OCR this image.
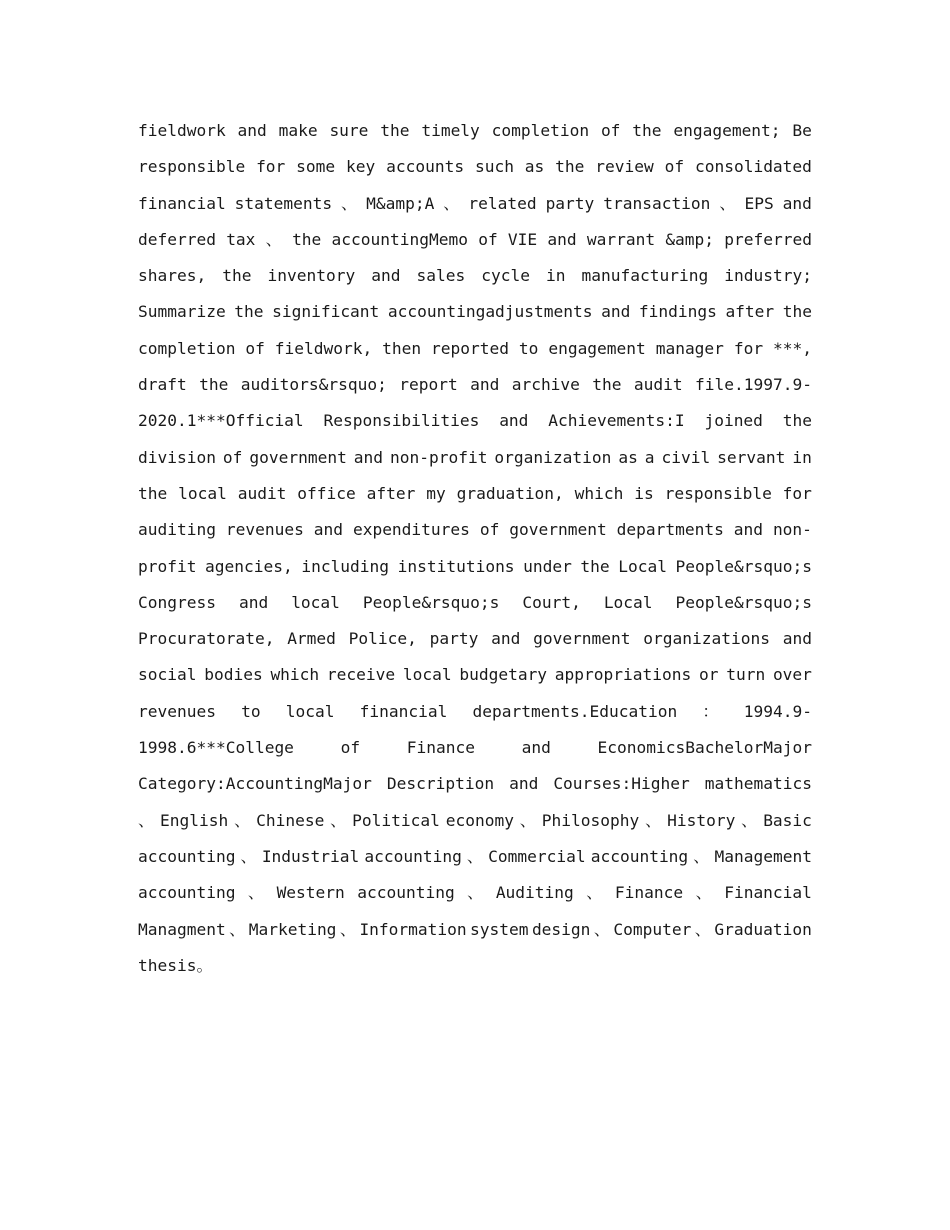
fieldwork and make sure the timely completion of the engagement; Be
responsible for some key accounts such as the review of consolidated
financial statements 、 M&amp;A 、 related party transaction 、 EPS and
deferred tax 、 the accountingMemo of VIE and warrant &amp; preferred
shares, the inventory and sales cycle in manufacturing industry;
Summarize the significant accountingadjustments and findings after the
completion of fieldwork, then reported to engagement manager for ***,
draft the auditors&rsquo; report and archive the audit file.1997.9-
2020.1***Official Responsibilities and Achievements:I joined the
division of government and non-profit organization as a civil servant in
the local audit office after my graduation, which is responsible for
auditing revenues and expenditures of government departments and non-
profit agencies, including institutions under the Local People&rsquo;s
Congress and local People&rsquo;s Court, Local People&rsquo;s
Procuratorate, Armed Police, party and government organizations and
social bodies which receive local budgetary appropriations or turn over
revenues to local financial departments.Education ： 1994.9-
1998.6***College	of	Finance	and	EconomicsBachelorMajor
Category:AccountingMajor Description and Courses:Higher mathematics
、 English 、 Chinese 、 Political economy 、 Philosophy 、 History 、 Basic
accounting 、 Industrial accounting 、 Commercial accounting 、 Management
accounting 、 Western accounting 、 Auditing 、 Finance 、 Financial
Managment 、 Marketing 、 Information system design 、 Computer 、 Graduation
thesis。
